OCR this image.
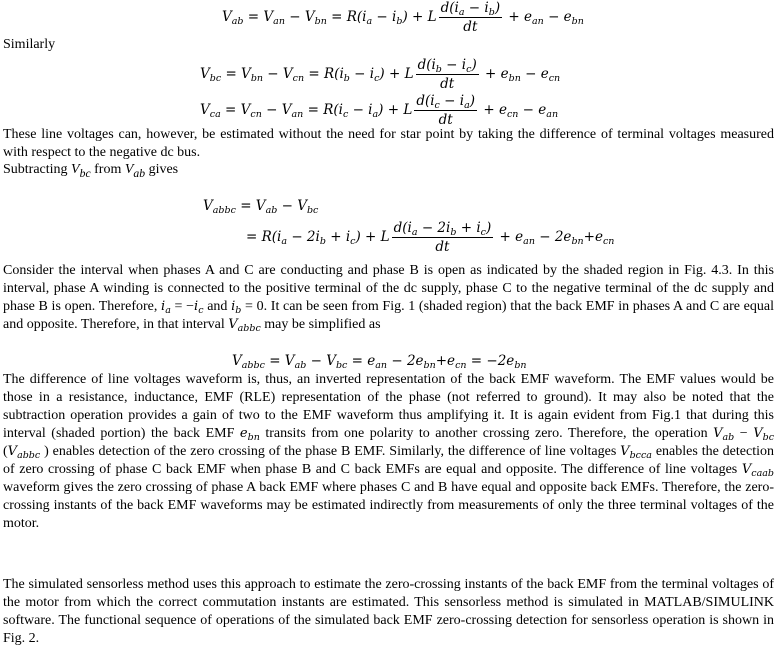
$V_{ab} = V_{an} - V_{bn} = R(i_a - i_b) + L \frac{d(i_a - i_b)}{dt} + e_{an} - e_{bn}$
Similarly
$V_{bc} = V_{bn} - V_{cn} = R(i_b - i_c) + L \frac{d(i_b - i_c)}{dt} + e_{bn} - e_{cn}$
$V_{ca} = V_{cn} - V_{an} = R(i_c - i_a) + L \frac{d(i_c - i_a)}{dt} + e_{cn} - e_{an}$
These line voltages can, however, be estimated without the need for star point by taking the difference of terminal voltages measured with respect to the negative dc bus.
Subtracting $V_{bc}$ from $V_{ab}$ gives
$V_{abbc} = V_{ab} - V_{bc}$
= $R(i_a - 2i_b + i_c) + L \frac{d(i_a - 2i_b + i_c)}{dt} + e_{an} - 2e_{bn}+e_{cn}$
Consider the interval when phases A and C are conducting and phase B is open as indicated by the shaded region in Fig. 4.3. In this interval, phase A winding is connected to the positive terminal of the dc supply, phase C to the negative terminal of the dc supply and phase B is open. Therefore, $i_a = -i_c$ and $i_b = 0$. It can be seen from Fig. 1 (shaded region) that the back EMF in phases A and C are equal and opposite. Therefore, in that interval $V_{abbc}$ may be simplified as
$V_{abbc} = V_{ab} - V_{bc} = e_{an} - 2e_{bn}+e_{cn} = -2e_{bn}$
The difference of line voltages waveform is, thus, an inverted representation of the back EMF waveform. The EMF values would be those in a resistance, inductance, EMF (RLE) representation of the phase (not referred to ground). It may also be noted that the subtraction operation provides a gain of two to the EMF waveform thus amplifying it. It is again evident from Fig.1 that during this interval (shaded portion) the back EMF $e_{bn}$ transits from one polarity to another crossing zero. Therefore, the operation $V_{ab} - V_{bc}$ ($V_{abbc}$ ) enables detection of the zero crossing of the phase B EMF. Similarly, the difference of line voltages $V_{bcca}$ enables the detection of zero crossing of phase C back EMF when phase B and C back EMFs are equal and opposite. The difference of line voltages $V_{caab}$ waveform gives the zero crossing of phase A back EMF where phases C and B have equal and opposite back EMFs. Therefore, the zero-crossing instants of the back EMF waveforms may be estimated indirectly from measurements of only the three terminal voltages of the motor.
The simulated sensorless method uses this approach to estimate the zero-crossing instants of the back EMF from the terminal voltages of the motor from which the correct commutation instants are estimated. This sensorless method is simulated in MATLAB/SIMULINK software. The functional sequence of operations of the simulated back EMF zero-crossing detection for sensorless operation is shown in Fig. 2.
